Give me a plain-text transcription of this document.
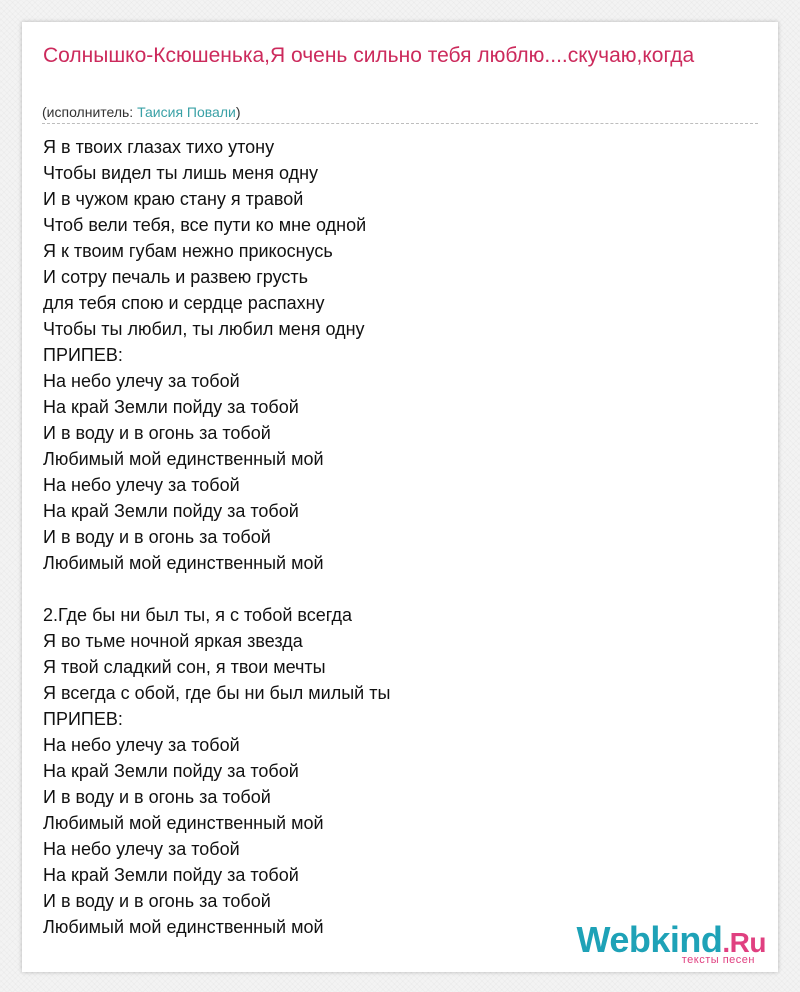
Солнышко-Ксюшенька,Я очень сильно тебя люблю....скучаю,когда
(исполнитель: Таисия Повали)
Я в твоих глазах тихо утону
Чтобы видел ты лишь меня одну
И в чужом краю стану я травой
Чтоб вели тебя, все пути ко мне одной
Я к твоим губам нежно прикоснусь
И сотру печаль и развею грусть
для тебя спою и сердце распахну
Чтобы ты любил, ты любил меня одну
ПРИПЕВ:
На небо улечу за тобой
На край Земли пойду за тобой
И в воду и в огонь за тобой
Любимый мой единственный мой
На небо улечу за тобой
На край Земли пойду за тобой
И в воду и в огонь за тобой
Любимый мой единственный мой
2.Где бы ни был ты, я с тобой всегда
Я во тьме ночной яркая звезда
Я твой сладкий сон, я твои мечты
Я всегда с обой, где бы ни был милый ты
ПРИПЕВ:
На небо улечу за тобой
На край Земли пойду за тобой
И в воду и в огонь за тобой
Любимый мой единственный мой
На небо улечу за тобой
На край Земли пойду за тобой
И в воду и в огонь за тобой
Любимый мой единственный мой	Webkind.Ru
тексты песен
